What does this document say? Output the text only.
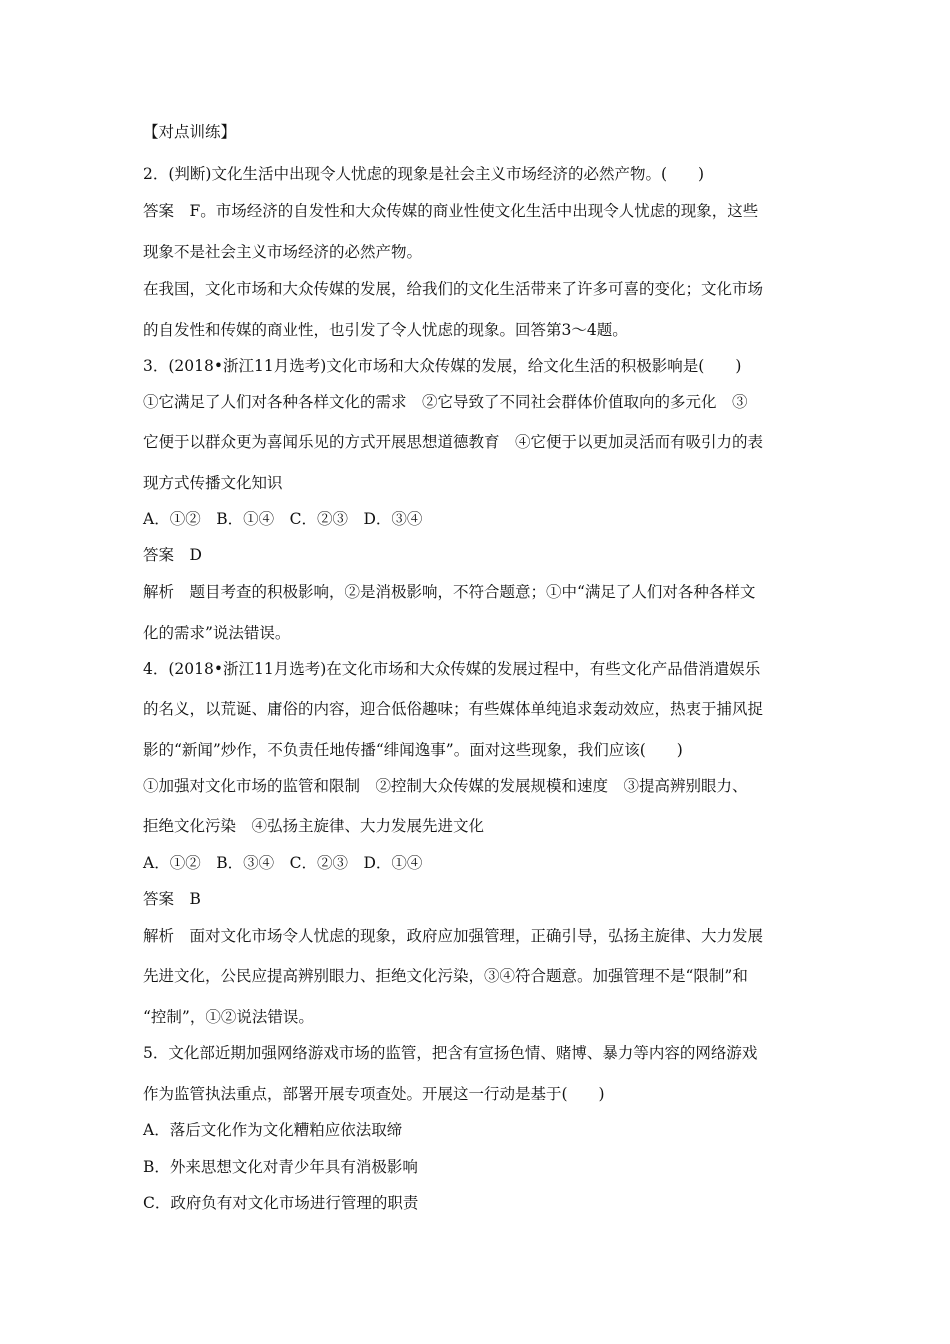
【对点训练】
2．(判断)文化生活中出现令人忧虑的现象是社会主义市场经济的必然产物。(　　)
答案　F。市场经济的自发性和大众传媒的商业性使文化生活中出现令人忧虑的现象，这些
现象不是社会主义市场经济的必然产物。
在我国，文化市场和大众传媒的发展，给我们的文化生活带来了许多可喜的变化；文化市场
的自发性和传媒的商业性，也引发了令人忧虑的现象。回答第3～4题。
3．(2018•浙江11月选考)文化市场和大众传媒的发展，给文化生活的积极影响是(　　)
①它满足了人们对各种各样文化的需求　②它导致了不同社会群体价值取向的多元化　③
它便于以群众更为喜闻乐见的方式开展思想道德教育　④它便于以更加灵活而有吸引力的表
现方式传播文化知识
A．①②　B．①④　C．②③　D．③④
答案　D
解析　题目考查的积极影响，②是消极影响，不符合题意；①中“满足了人们对各种各样文
化的需求”说法错误。
4．(2018•浙江11月选考)在文化市场和大众传媒的发展过程中，有些文化产品借消遣娱乐
的名义，以荒诞、庸俗的内容，迎合低俗趣味；有些媒体单纯追求轰动效应，热衷于捕风捉
影的“新闻”炒作，不负责任地传播“绯闻逸事”。面对这些现象，我们应该(　　)
①加强对文化市场的监管和限制　②控制大众传媒的发展规模和速度　③提高辨别眼力、
拒绝文化污染　④弘扬主旋律、大力发展先进文化
A．①②　B．③④　C．②③　D．①④
答案　B
解析　面对文化市场令人忧虑的现象，政府应加强管理，正确引导，弘扬主旋律、大力发展
先进文化，公民应提高辨别眼力、拒绝文化污染，③④符合题意。加强管理不是“限制”和
“控制”，①②说法错误。
5．文化部近期加强网络游戏市场的监管，把含有宣扬色情、赌博、暴力等内容的网络游戏
作为监管执法重点，部署开展专项查处。开展这一行动是基于(　　)
A．落后文化作为文化糟粕应依法取缔
B．外来思想文化对青少年具有消极影响
C．政府负有对文化市场进行管理的职责
